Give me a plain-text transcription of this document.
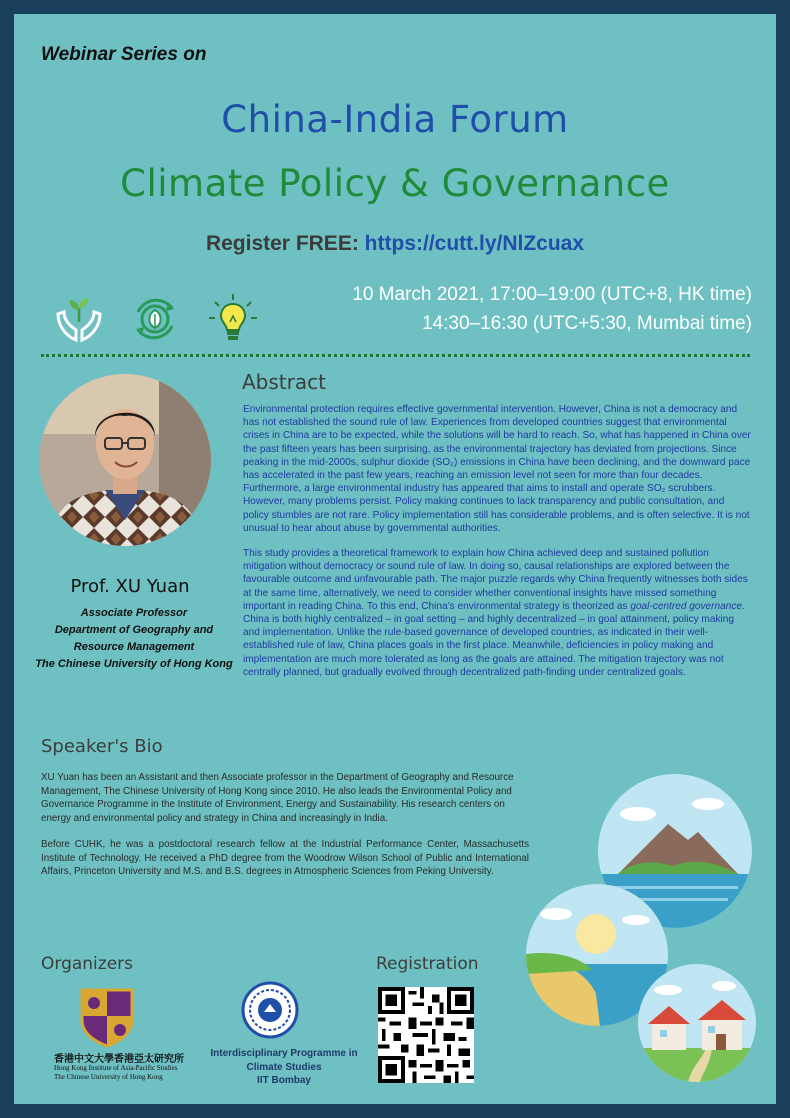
Webinar Series on
China-India Forum
Climate Policy & Governance
Register FREE: https://cutt.ly/NlZcuax
10 March 2021, 17:00–19:00 (UTC+8, HK time)
14:30–16:30 (UTC+5:30, Mumbai time)
Prof. XU Yuan
Associate Professor
Department of Geography and
Resource Management
The Chinese University of Hong Kong
Abstract

Environmental protection requires effective governmental intervention. However, China is not a democracy and has not established the sound rule of law. Experiences from developed countries suggest that environmental crises in China are to be expected, while the solutions will be hard to reach. So, what has happened in China over the past fifteen years has been surprising, as the environmental trajectory has deviated from projections. Since peaking in the mid-2000s, sulphur dioxide (SO₂) emissions in China have been declining, and the downward pace has accelerated in the past few years, reaching an emission level not seen for more than four decades. Furthermore, a large environmental industry has appeared that aims to install and operate SO₂ scrubbers. However, many problems persist. Policy making continues to lack transparency and public consultation, and policy stumbles are not rare. Policy implementation still has considerable problems, and is often selective. It is not unusual to hear about abuse by governmental authorities.

This study provides a theoretical framework to explain how China achieved deep and sustained pollution mitigation without democracy or sound rule of law. In doing so, causal relationships are explored between the favourable outcome and unfavourable path. The major puzzle regards why China frequently witnesses both sides at the same time, alternatively, we need to consider whether conventional insights have missed something important in reading China. To this end, China’s environmental strategy is theorized as goal-centred governance. China is both highly centralized – in goal setting – and highly decentralized – in goal attainment, policy making and implementation. Unlike the rule-based governance of developed countries, as indicated in their well-established rule of law, China places goals in the first place. Meanwhile, deficiencies in policy making and implementation are much more tolerated as long as the goals are attained. The mitigation trajectory was not centrally planned, but gradually evolved through decentralized path-finding under centralized goals.

Speaker's Bio

XU Yuan has been an Assistant and then Associate professor in the Department of Geography and Resource Management, The Chinese University of Hong Kong since 2010. He also leads the Environmental Policy and Governance Programme in the Institute of Environment, Energy and Sustainability. His research centers on energy and environmental policy and strategy in China and increasingly in India.

Before CUHK, he was a postdoctoral research fellow at the Industrial Performance Center, Massachusetts Institute of Technology. He received a PhD degree from the Woodrow Wilson School of Public and International Affairs, Princeton University and M.S. and B.S. degrees in Atmospheric Sciences from Peking University.

Organizers
香港中文大學香港亞太研究所
Hong Kong Institute of Asia-Pacific Studies
The Chinese University of Hong Kong
Interdisciplinary Programme in
Climate Studies
IIT Bombay
Registration
